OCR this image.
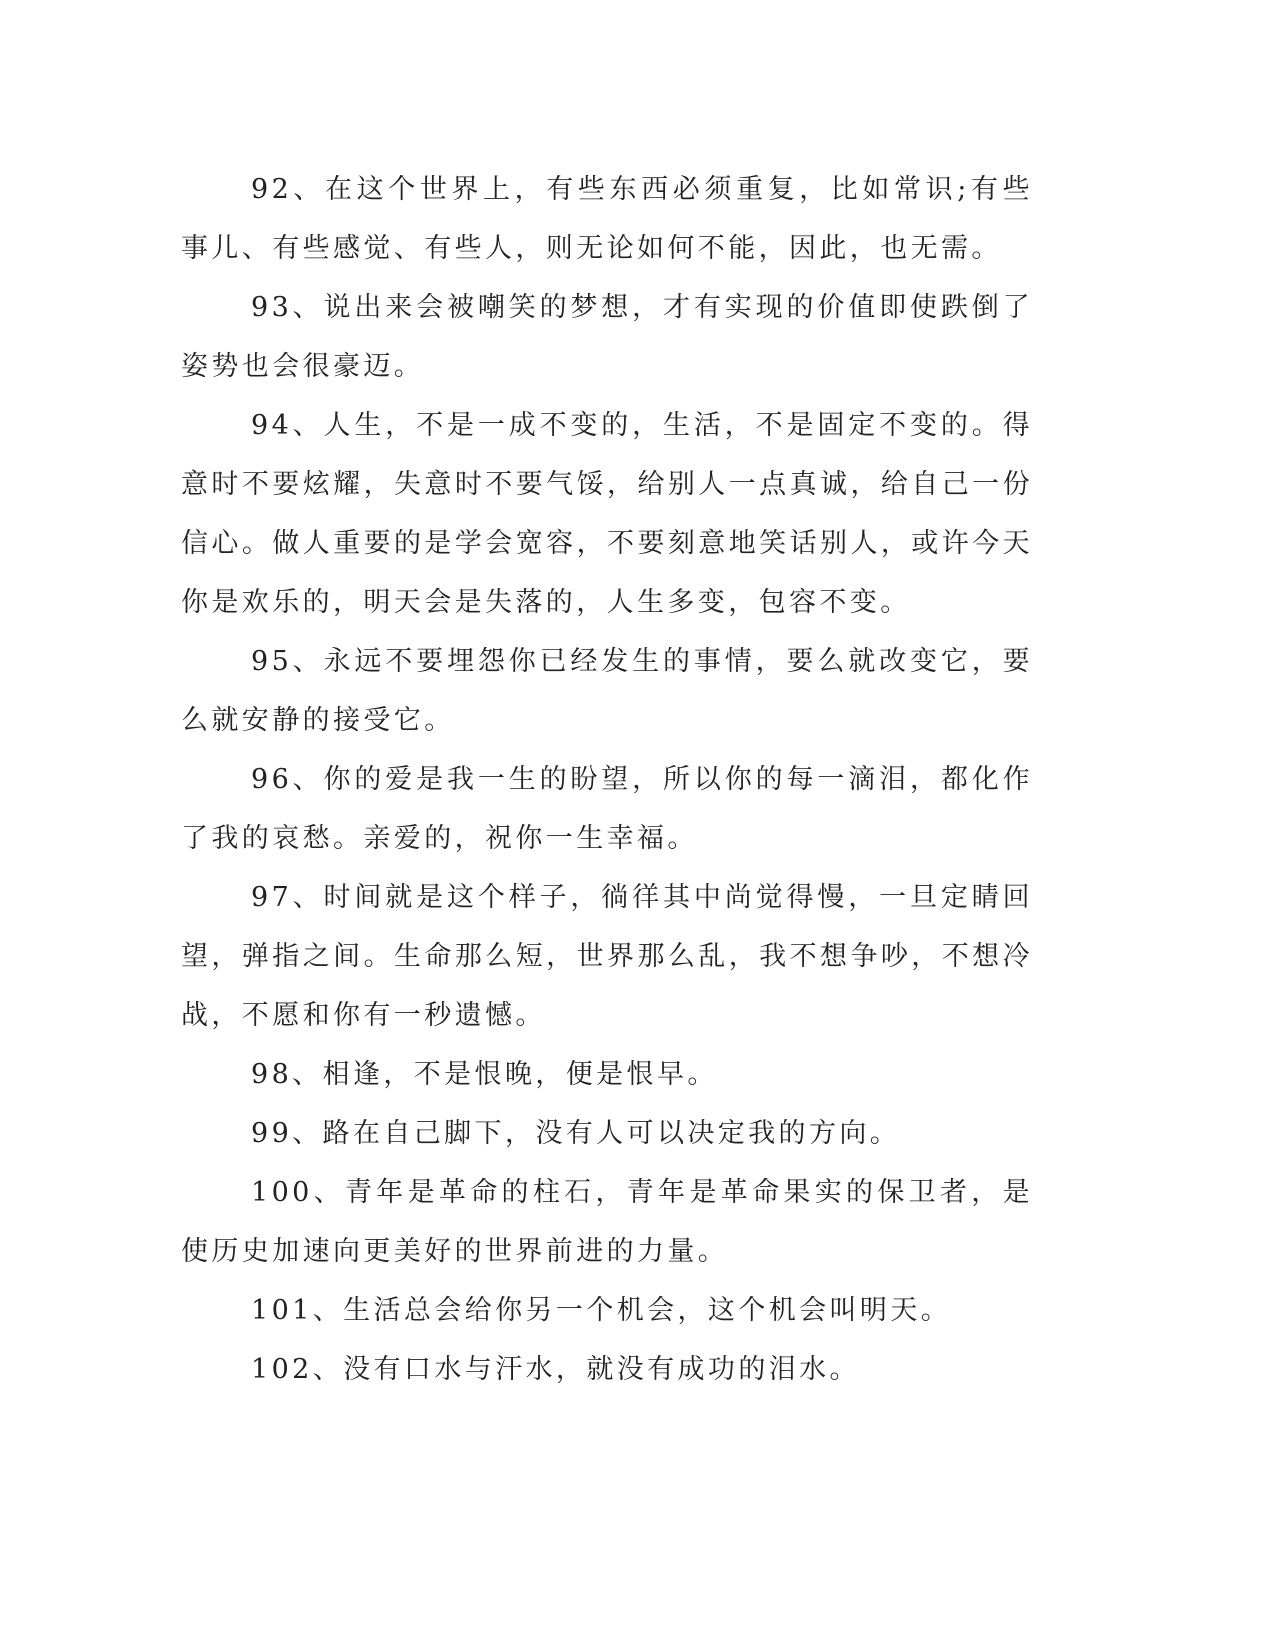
92、在这个世界上，有些东西必须重复，比如常识;有些事儿、有些感觉、有些人，则无论如何不能，因此，也无需。

93、说出来会被嘲笑的梦想，才有实现的价值即使跌倒了姿势也会很豪迈。

94、人生，不是一成不变的，生活，不是固定不变的。得意时不要炫耀，失意时不要气馁，给别人一点真诚，给自己一份信心。做人重要的是学会宽容，不要刻意地笑话别人，或许今天你是欢乐的，明天会是失落的，人生多变，包容不变。

95、永远不要埋怨你已经发生的事情，要么就改变它，要么就安静的接受它。

96、你的爱是我一生的盼望，所以你的每一滴泪，都化作了我的哀愁。亲爱的，祝你一生幸福。

97、时间就是这个样子，徜徉其中尚觉得慢，一旦定睛回望，弹指之间。生命那么短，世界那么乱，我不想争吵，不想冷战，不愿和你有一秒遗憾。

98、相逢，不是恨晚，便是恨早。

99、路在自己脚下，没有人可以决定我的方向。

100、青年是革命的柱石，青年是革命果实的保卫者，是使历史加速向更美好的世界前进的力量。

101、生活总会给你另一个机会，这个机会叫明天。

102、没有口水与汗水，就没有成功的泪水。
